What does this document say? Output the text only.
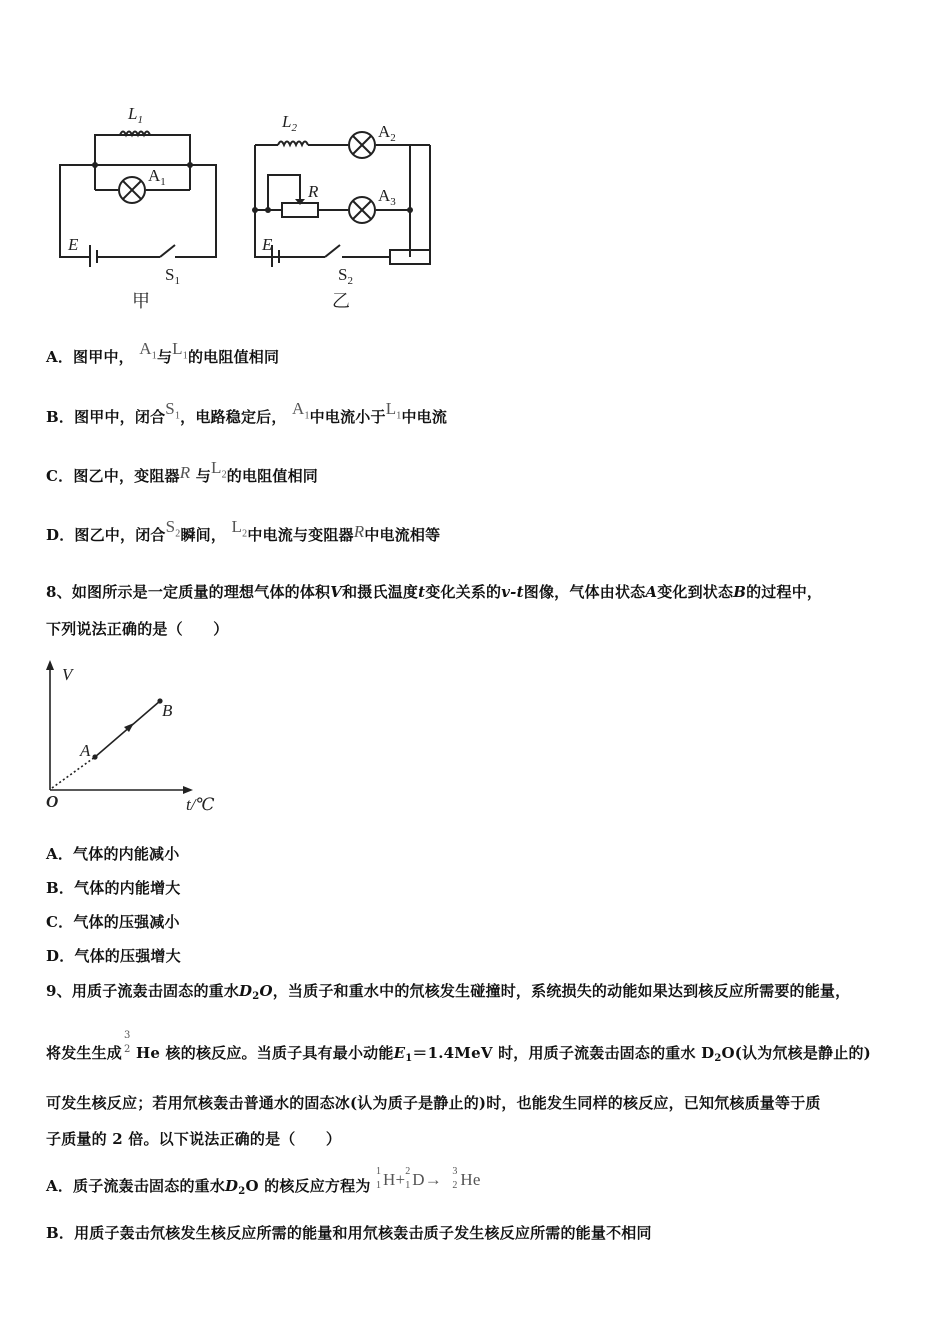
$L_1$
$A_1$
E
$S_1$
甲
$L_2$	$A_2$
R	$A_3$
E
$S_2$
乙
A．图甲中， $A_1$与$L_1$的电阻值相同
B．图甲中，闭合$S_1$，电路稳定后， $A_1$中电流小于$L_1$中电流
C．图乙中，变阻器R 与$L_2$的电阻值相同
D．图乙中，闭合$S_2$瞬间， $L_2$中电流与变阻器R中电流相等
8、如图所示是一定质量的理想气体的体积V和摄氏温度t变化关系的v-t图像，气体由状态A变化到状态B的过程中，
下列说法正确的是（　　）
V
t/℃
O
A
B
A．气体的内能减小
B．气体的内能增大
C．气体的压强减小
D．气体的压强增大
9、用质子流轰击固态的重水$D_2O$，当质子和重水中的氘核发生碰撞时，系统损失的动能如果达到核反应所需要的能量，
将发生生成
3
2 He 核的核反应。当质子具有最小动能$E_1=1.4MeV$ 时，用质子流轰击固态的重水 $D_2O$(认为氘核是静止的)
可发生核反应；若用氘核轰击普通水的固态冰(认为质子是静止的)时，也能发生同样的核反应，已知氘核质量等于质
子质量的 2 倍。以下说法正确的是（　　）
A．质子流轰击固态的重水$D_2O$ 的核反应方程为
1
1 H+ 2
1 D→ 3
2 He
B．用质子轰击氘核发生核反应所需的能量和用氘核轰击质子发生核反应所需的能量不相同
